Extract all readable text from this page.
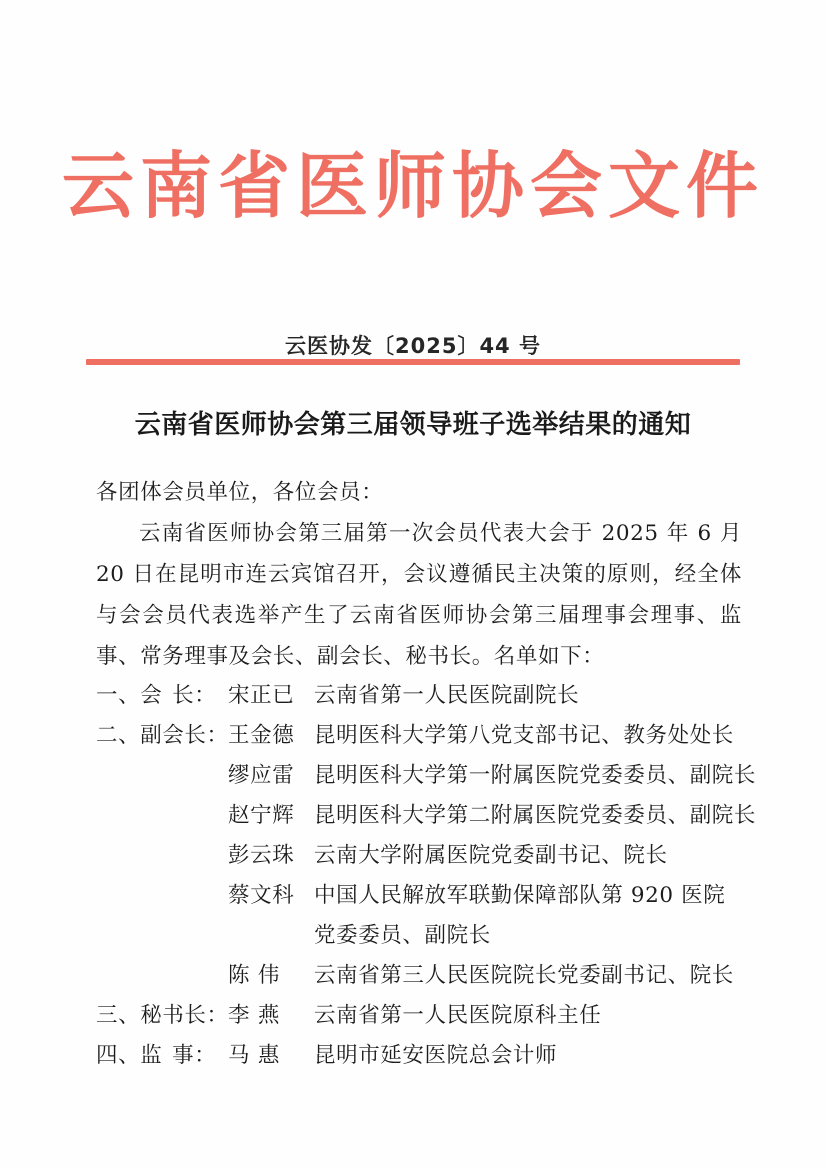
云南省医师协会文件
云医协发〔2025〕44 号
云南省医师协会第三届领导班子选举结果的通知
各团体会员单位，各位会员：
云南省医师协会第三届第一次会员代表大会于 2025 年 6 月 20 日在昆明市连云宾馆召开，会议遵循民主决策的原则，经全体与会会员代表选举产生了云南省医师协会第三届理事会理事、监事、常务理事及会长、副会长、秘书长。名单如下：
一、 会 长 ： 宋 正已 云南省第一人民医院副院长
二、副会长： 王金德 昆明医科大学第八党支部书记、教务处处长
缪应雷 昆明医科大学第一附属医院党委委员、副院长
赵宁辉 昆明医科大学第二附属医院党委委员、副院长
彭云珠 云南大学附属医院党委副书记、院长
蔡文科 中国人民解放军联勤保障部队第 920 医院
党委委员、副院长
陈 伟 云南省第三人民医院院长党委副书记、院长
三、秘书长： 李 燕 云南省第一人民医院原科主任
四、 监 事 ： 马 惠 昆明市延安医院总会计师
